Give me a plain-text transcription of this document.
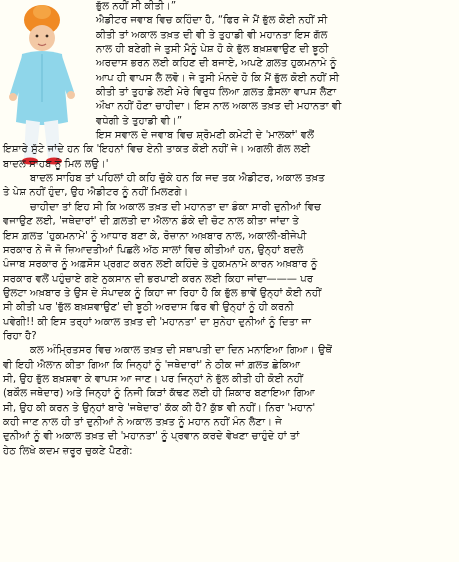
ਭੁੱਲ ਨਹੀਂ ਸੀ ਕੀਤੀ।”
ਐਡੀਟਰ ਜਵਾਬ ਵਿਚ ਕਹਿੰਦਾ ਹੈ, “ਫਿਰ ਜੇ ਮੈਂ ਭੁੱਲ ਕੋਈ ਨਹੀਂ ਸੀ
ਕੀਤੀ ਤਾਂ ਅਕਾਲ ਤਖ਼ਤ ਦੀ ਵੀ ਤੇ ਤੁਹਾਡੀ ਵੀ ਮਹਾਨਤਾ ਇਸ ਗੱਲ
ਨਾਲ ਹੀ ਬਣੇਗੀ ਜੇ ਤੁਸੀ ਮੈਨੂੰ ਪੇਸ਼ ਹੋ ਕੇ ਭੁੱਲ ਬਖ਼ਸ਼ਵਾਉਣ ਦੀ ਝੂਠੀ
ਅਰਦਾਸ ਭਰਨ ਲਈ ਕਹਿਣ ਦੀ ਬਜਾਏ, ਅਪਣੇ ਗ਼ਲਤ ਹੁਕਮਨਾਮੇ ਨੂੰ
ਆਪ ਹੀ ਵਾਪਸ ਲੈ ਲਵੋ। ਜੇ ਤੁਸੀ ਮੰਨਦੇ ਹੋ ਕਿ ਮੈਂ ਭੁੱਲ ਕੋਈ ਨਹੀਂ ਸੀ
ਕੀਤੀ ਤਾਂ ਤੁਹਾਡੇ ਲਈ ਮੇਰੇ ਵਿਰੁਧ ਲਿਆ ਗ਼ਲਤ ਫ਼ੈਸਲਾ ਵਾਪਸ ਲੈਣਾ
ਔਖਾ ਨਹੀਂ ਹੋਣਾ ਚਾਹੀਦਾ। ਇਸ ਨਾਲ ਅਕਾਲ ਤਖ਼ਤ ਦੀ ਮਹਾਨਤਾ ਵੀ
ਵਧੇਗੀ ਤੇ ਤੁਹਾਡੀ ਵੀ।”
ਇਸ ਸਵਾਲ ਦੇ ਜਵਾਬ ਵਿਚ ਸ਼੍ਰੋਮਣੀ ਕਮੇਟੀ ਦੇ 'ਮਾਲਕਾਂ' ਵਲੋਂ
ਇਸ਼ਾਰੇ ਸੁੱਟੇ ਜਾਂਦੇ ਹਨ ਕਿ 'ਇਹਨਾਂ ਵਿਚ ਏਨੀ ਤਾਕਤ ਕੋਈ ਨਹੀਂ ਜੇ। ਅਗਲੀ ਗੱਲ ਲਈ
ਬਾਦਲ ਸਾਹਬ ਨੂੰ ਮਿਲ ਲਉ।'
ਬਾਦਲ ਸਾਹਿਬ ਤਾਂ ਪਹਿਲਾਂ ਹੀ ਕਹਿ ਚੁੱਕੇ ਹਨ ਕਿ ਜਦ ਤਕ ਐਡੀਟਰ, ਅਕਾਲ ਤਖ਼ਤ
ਤੇ ਪੇਸ਼ ਨਹੀਂ ਹੁੰਦਾ, ਉਹ ਐਡੀਟਰ ਨੂੰ ਨਹੀਂ ਮਿਲਣਗੇ।
ਚਾਹੀਦਾ ਤਾਂ ਇਹ ਸੀ ਕਿ ਅਕਾਲ ਤਖ਼ਤ ਦੀ ਮਹਾਨਤਾ ਦਾ ਡੰਕਾ ਸਾਰੀ ਦੁਨੀਆਂ ਵਿਚ
ਵਜਾਉਣ ਲਈ, 'ਜਥੇਦਾਰਾਂ' ਦੀ ਗ਼ਲਤੀ ਦਾ ਐਲਾਨ ਡੰਕੇ ਦੀ ਚੋਟ ਨਾਲ ਕੀਤਾ ਜਾਂਦਾ ਤੇ
ਇਸ ਗ਼ਲਤ 'ਹੁਕਮਨਾਮੇ' ਨੂੰ ਆਧਾਰ ਬਣਾ ਕੇ, ਰੋਜ਼ਾਨਾ ਅਖ਼ਬਾਰ ਨਾਲ, ਅਕਾਲੀ-ਬੀਜੇਪੀ
ਸਰਕਾਰ ਨੇ ਜੋ ਜੋ ਜ਼ਿਆਦਤੀਆਂ ਪਿਛਲੇ ਅੱਠ ਸਾਲਾਂ ਵਿਚ ਕੀਤੀਆਂ ਹਨ, ਉਨ੍ਹਾਂ ਬਦਲੇ
ਪੰਜਾਬ ਸਰਕਾਰ ਨੂੰ ਅਫ਼ਸੋਸ ਪ੍ਰਗਟ ਕਰਨ ਲਈ ਕਹਿੰਦੇ ਤੇ ਹੁਕਮਨਾਮੇ ਕਾਰਨ ਅਖ਼ਬਾਰ ਨੂੰ
ਸਰਕਾਰ ਵਲੋਂ ਪਹੁੰਚਾਏ ਗਏ ਨੁਕਸਾਨ ਦੀ ਭਰਪਾਈ ਕਰਨ ਲਈ ਕਿਹਾ ਜਾਂਦਾ——— ਪਰ
ਉਲਟਾ ਅਖ਼ਬਾਰ ਤੇ ਉਸ ਦੇ ਸੰਪਾਦਕ ਨੂੰ ਕਿਹਾ ਜਾ ਰਿਹਾ ਹੈ ਕਿ ਭੁੱਲ ਭਾਵੇਂ ਉਨ੍ਹਾਂ ਕੋਈ ਨਹੀਂ
ਸੀ ਕੀਤੀ ਪਰ 'ਭੁੱਲ ਬਖ਼ਸ਼ਵਾਉਣ' ਦੀ ਝੂਠੀ ਅਰਦਾਸ ਫਿਰ ਵੀ ਉਨ੍ਹਾਂ ਨੂੰ ਹੀ ਕਰਨੀ
ਪਵੇਗੀ!! ਕੀ ਇਸ ਤਰ੍ਹਾਂ ਅਕਾਲ ਤਖ਼ਤ ਦੀ 'ਮਹਾਨਤਾ' ਦਾ ਸੁਨੇਹਾ ਦੁਨੀਆਂ ਨੂੰ ਦਿਤਾ ਜਾ
ਰਿਹਾ ਹੈ?
ਕਲ ਅੰਮ੍ਰਿਤਸਰ ਵਿਚ ਅਕਾਲ ਤਖ਼ਤ ਦੀ ਸਥਾਪਤੀ ਦਾ ਦਿਨ ਮਨਾਇਆ ਗਿਆ। ਉਥੋਂ
ਵੀ ਇਹੀ ਐਲਾਨ ਕੀਤਾ ਗਿਆ ਕਿ ਜਿਨ੍ਹਾਂ ਨੂੰ 'ਜਥੇਦਾਰਾਂ' ਨੇ ਠੀਕ ਜਾਂ ਗ਼ਲਤ ਛੇਕਿਆ
ਸੀ, ਉਹ ਭੁੱਲ ਬਖ਼ਸ਼ਵਾ ਕੇ ਵਾਪਸ ਆ ਜਾਣ। ਪਰ ਜਿਨ੍ਹਾਂ ਨੇ ਭੁੱਲ ਕੀਤੀ ਹੀ ਕੋਈ ਨਹੀਂ
(ਬਕੌਲ ਜਥੇਦਾਰ) ਅਤੇ ਜਿਨ੍ਹਾਂ ਨੂੰ ਨਿਜੀ ਕਿੜਾਂ ਕੱਢਣ ਲਈ ਹੀ ਸ਼ਿਕਾਰ ਬਣਾਇਆ ਗਿਆ
ਸੀ, ਉਹ ਕੀ ਕਰਨ ਤੇ ਉਨ੍ਹਾਂ ਬਾਰੇ 'ਜਥੇਦਾਰ' ਕੱਕ ਕੀ ਹੈ? ਕੁੱਝ ਵੀ ਨਹੀਂ। ਨਿਰਾ 'ਮਹਾਨ'
ਕਹੀ ਜਾਣ ਨਾਲ ਹੀ ਤਾਂ ਦੁਨੀਆਂ ਨੇ ਅਕਾਲ ਤਖ਼ਤ ਨੂੰ ਮਹਾਨ ਨਹੀਂ ਮੰਨ ਲੈਣਾ। ਜੇ
ਦੁਨੀਆਂ ਨੂੰ ਵੀ ਅਕਾਲ ਤਖ਼ਤ ਦੀ 'ਮਹਾਨਤਾ' ਨੂੰ ਪ੍ਰਵਾਨ ਕਰਦੇ ਵੇਖਣਾ ਚਾਹੁੰਦੇ ਹਾਂ ਤਾਂ
ਹੇਠ ਲਿਖੇ ਕਦਮ ਜ਼ਰੂਰ ਚੁਕਣੇ ਪੈਣਗੇ:
